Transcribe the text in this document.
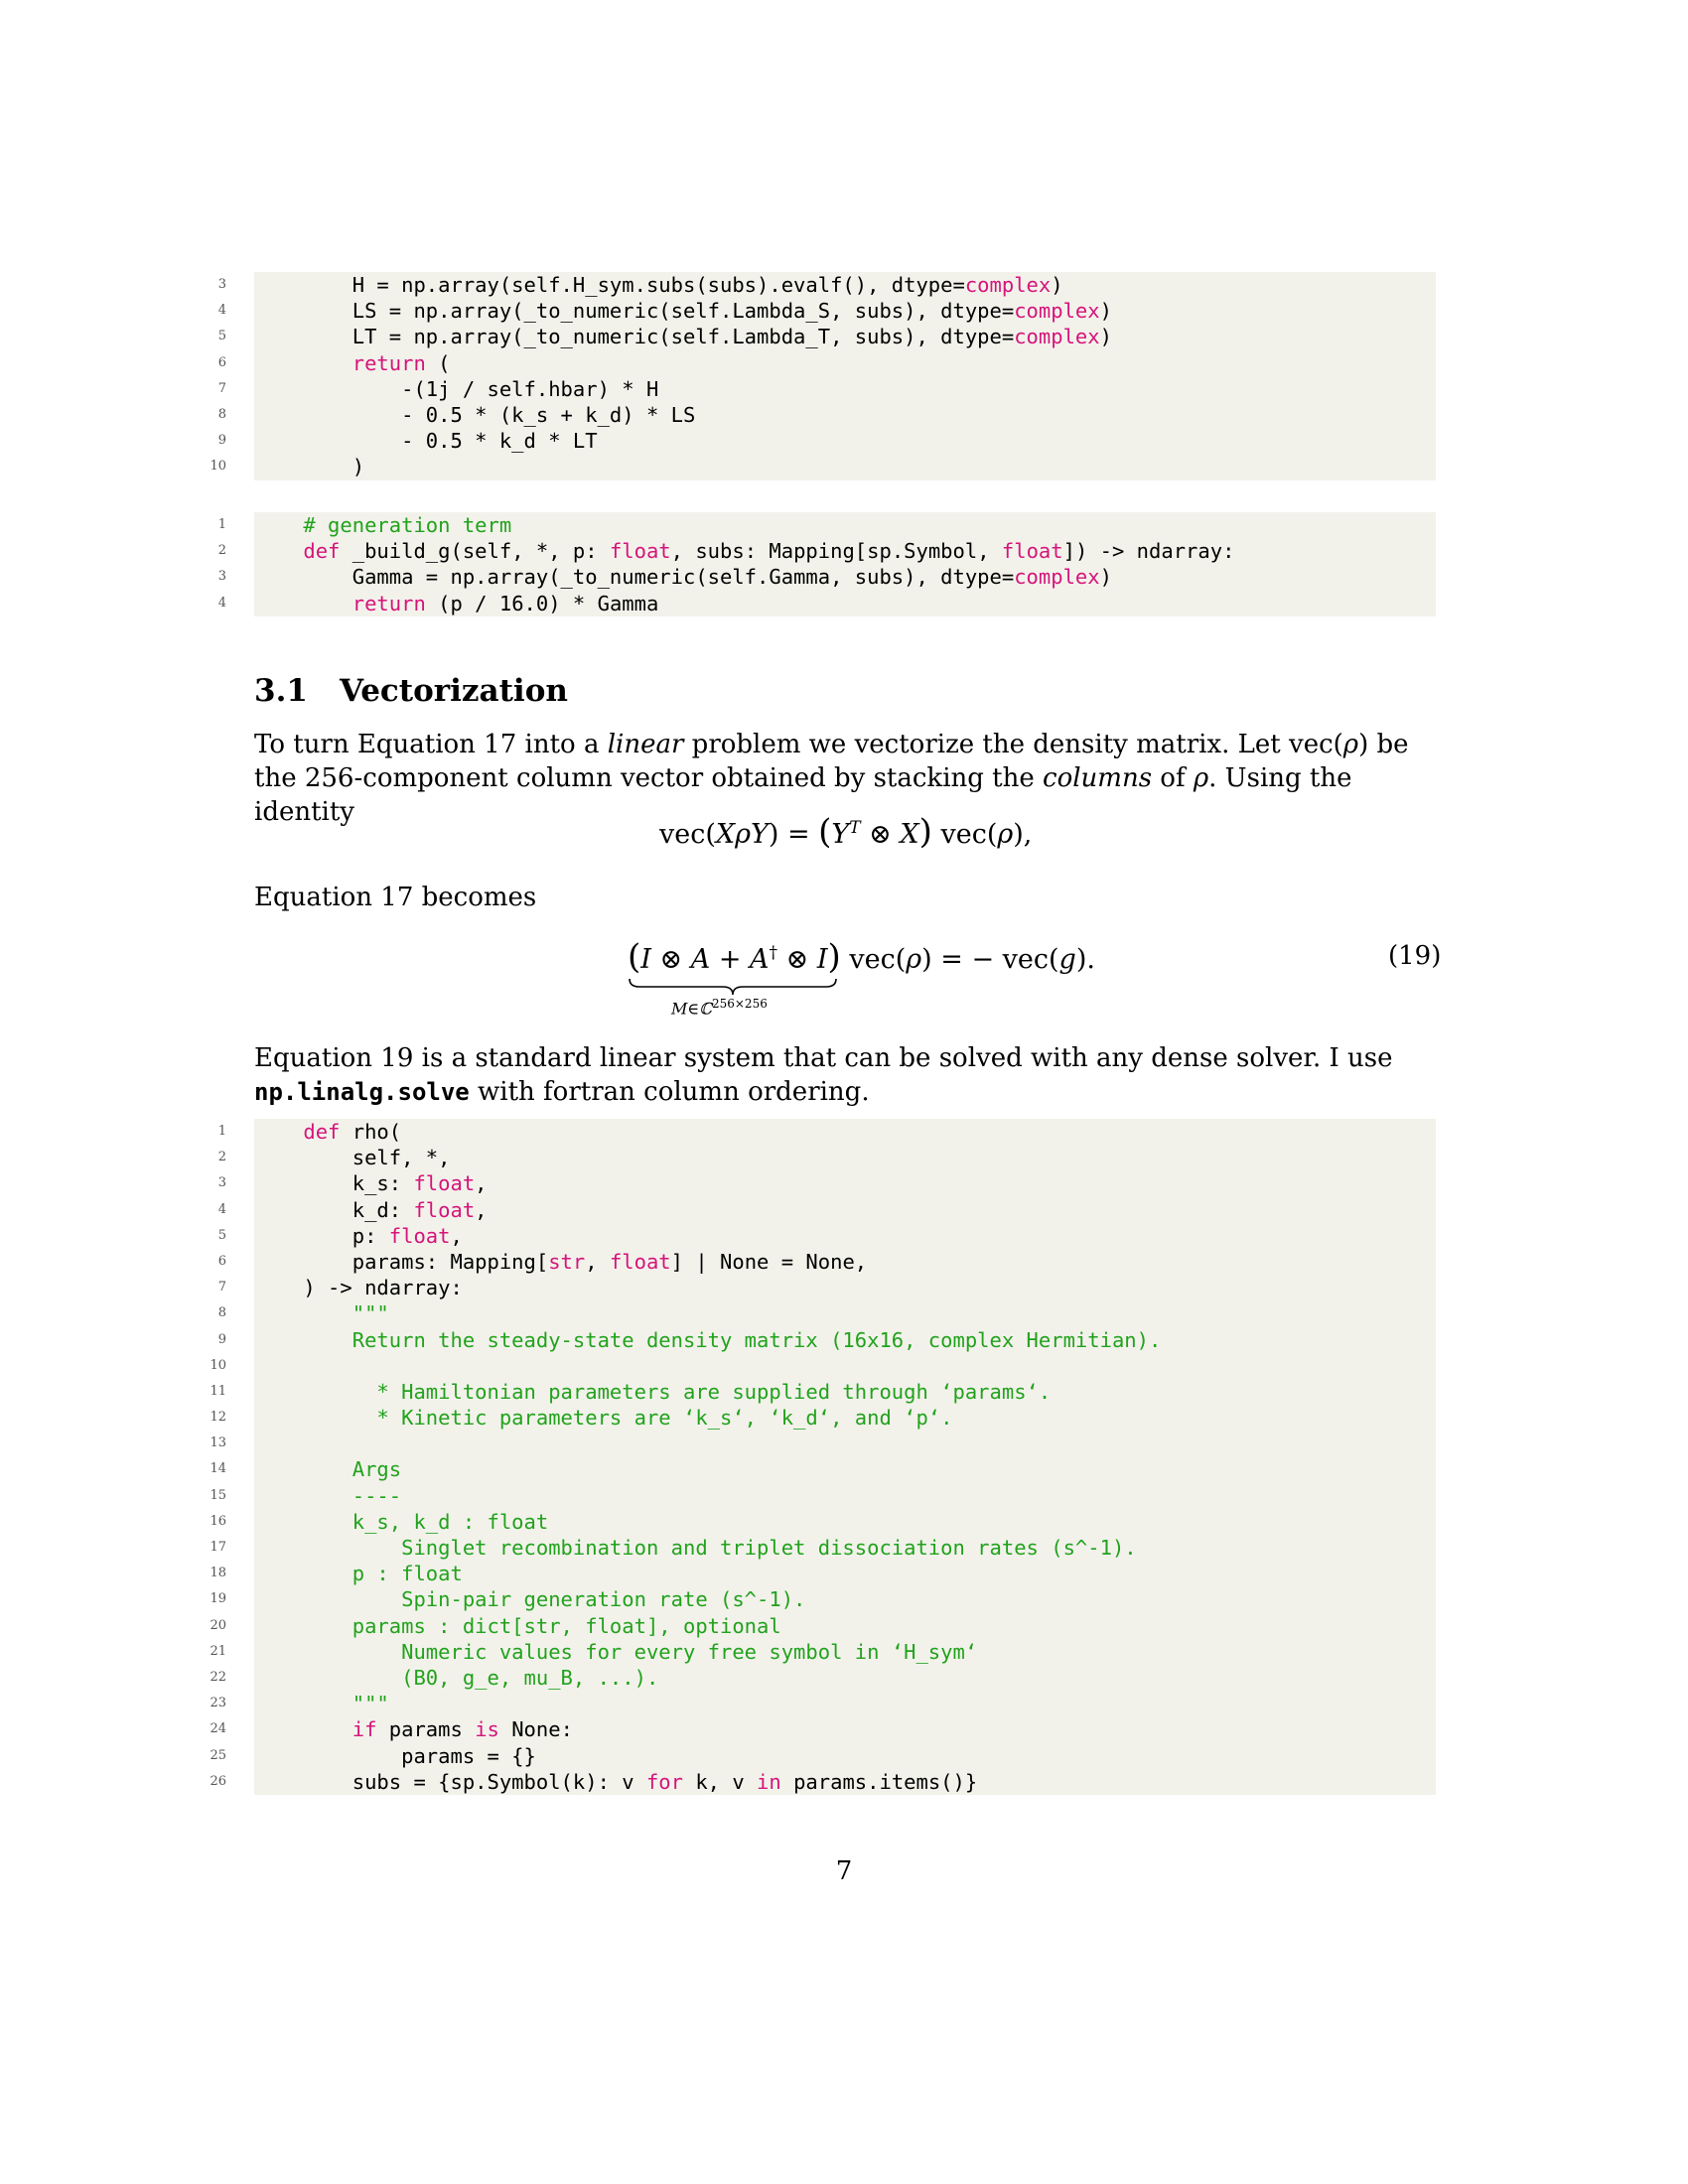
3 H = np.array(self.H_sym.subs(subs).evalf(), dtype=complex)
4 LS = np.array(_to_numeric(self.Lambda_S, subs), dtype=complex)
5 LT = np.array(_to_numeric(self.Lambda_T, subs), dtype=complex)
6	return (
7 -(1j / self.hbar) * H
8 - 0.5 * (k_s + k_d) * LS
9 - 0.5 * k_d * LT
10 )
1	# generation term
2	def _build_g(self, *, p: float, subs: Mapping[sp.Symbol, float]) -> ndarray:
3 Gamma = np.array(_to_numeric(self.Gamma, subs), dtype=complex)
4	return (p / 16.0) * Gamma
3.1 Vectorization
To turn Equation 17 into a linear problem we vectorize the density matrix. Let vec(ρ) be the 256-component column vector obtained by stacking the columns of ρ. Using the identity
$vec(X\rho Y) = (Y^T$ ⊗ X) vec(ρ),
Equation 17 becomes
(I ⊗ A + A† ⊗ I) vec(ρ) = − vec(g).
M∈ℂ$^{256\times 256}$
(19)
Equation 19 is a standard linear system that can be solved with any dense solver. I use np.linalg.solve with fortran column ordering.
1	def rho(
2 self, *,
3 k_s: float,
4 k_d: float,
5 p: float,
6 params: Mapping[str, float] | None = None,
7 ) -> ndarray:
8 """
9 Return the steady-state density matrix (16x16, complex Hermitian).
10
11 * Hamiltonian parameters are supplied through ‘params‘.
12 * Kinetic parameters are ‘k_s‘, ‘k_d‘, and ‘p‘.
13
14 Args
15 ----
16 k_s, k_d : float
17 Singlet recombination and triplet dissociation rates (s^-1).
18 p : float
19 Spin-pair generation rate (s^-1).
20 params : dict[str, float], optional
21 Numeric values for every free symbol in ‘H_sym‘
22 (B0, g_e, mu_B, ...).
23 """
24	if params is None:
25 params = {}
26 subs = {sp.Symbol(k): v for k, v in params.items()}
7
